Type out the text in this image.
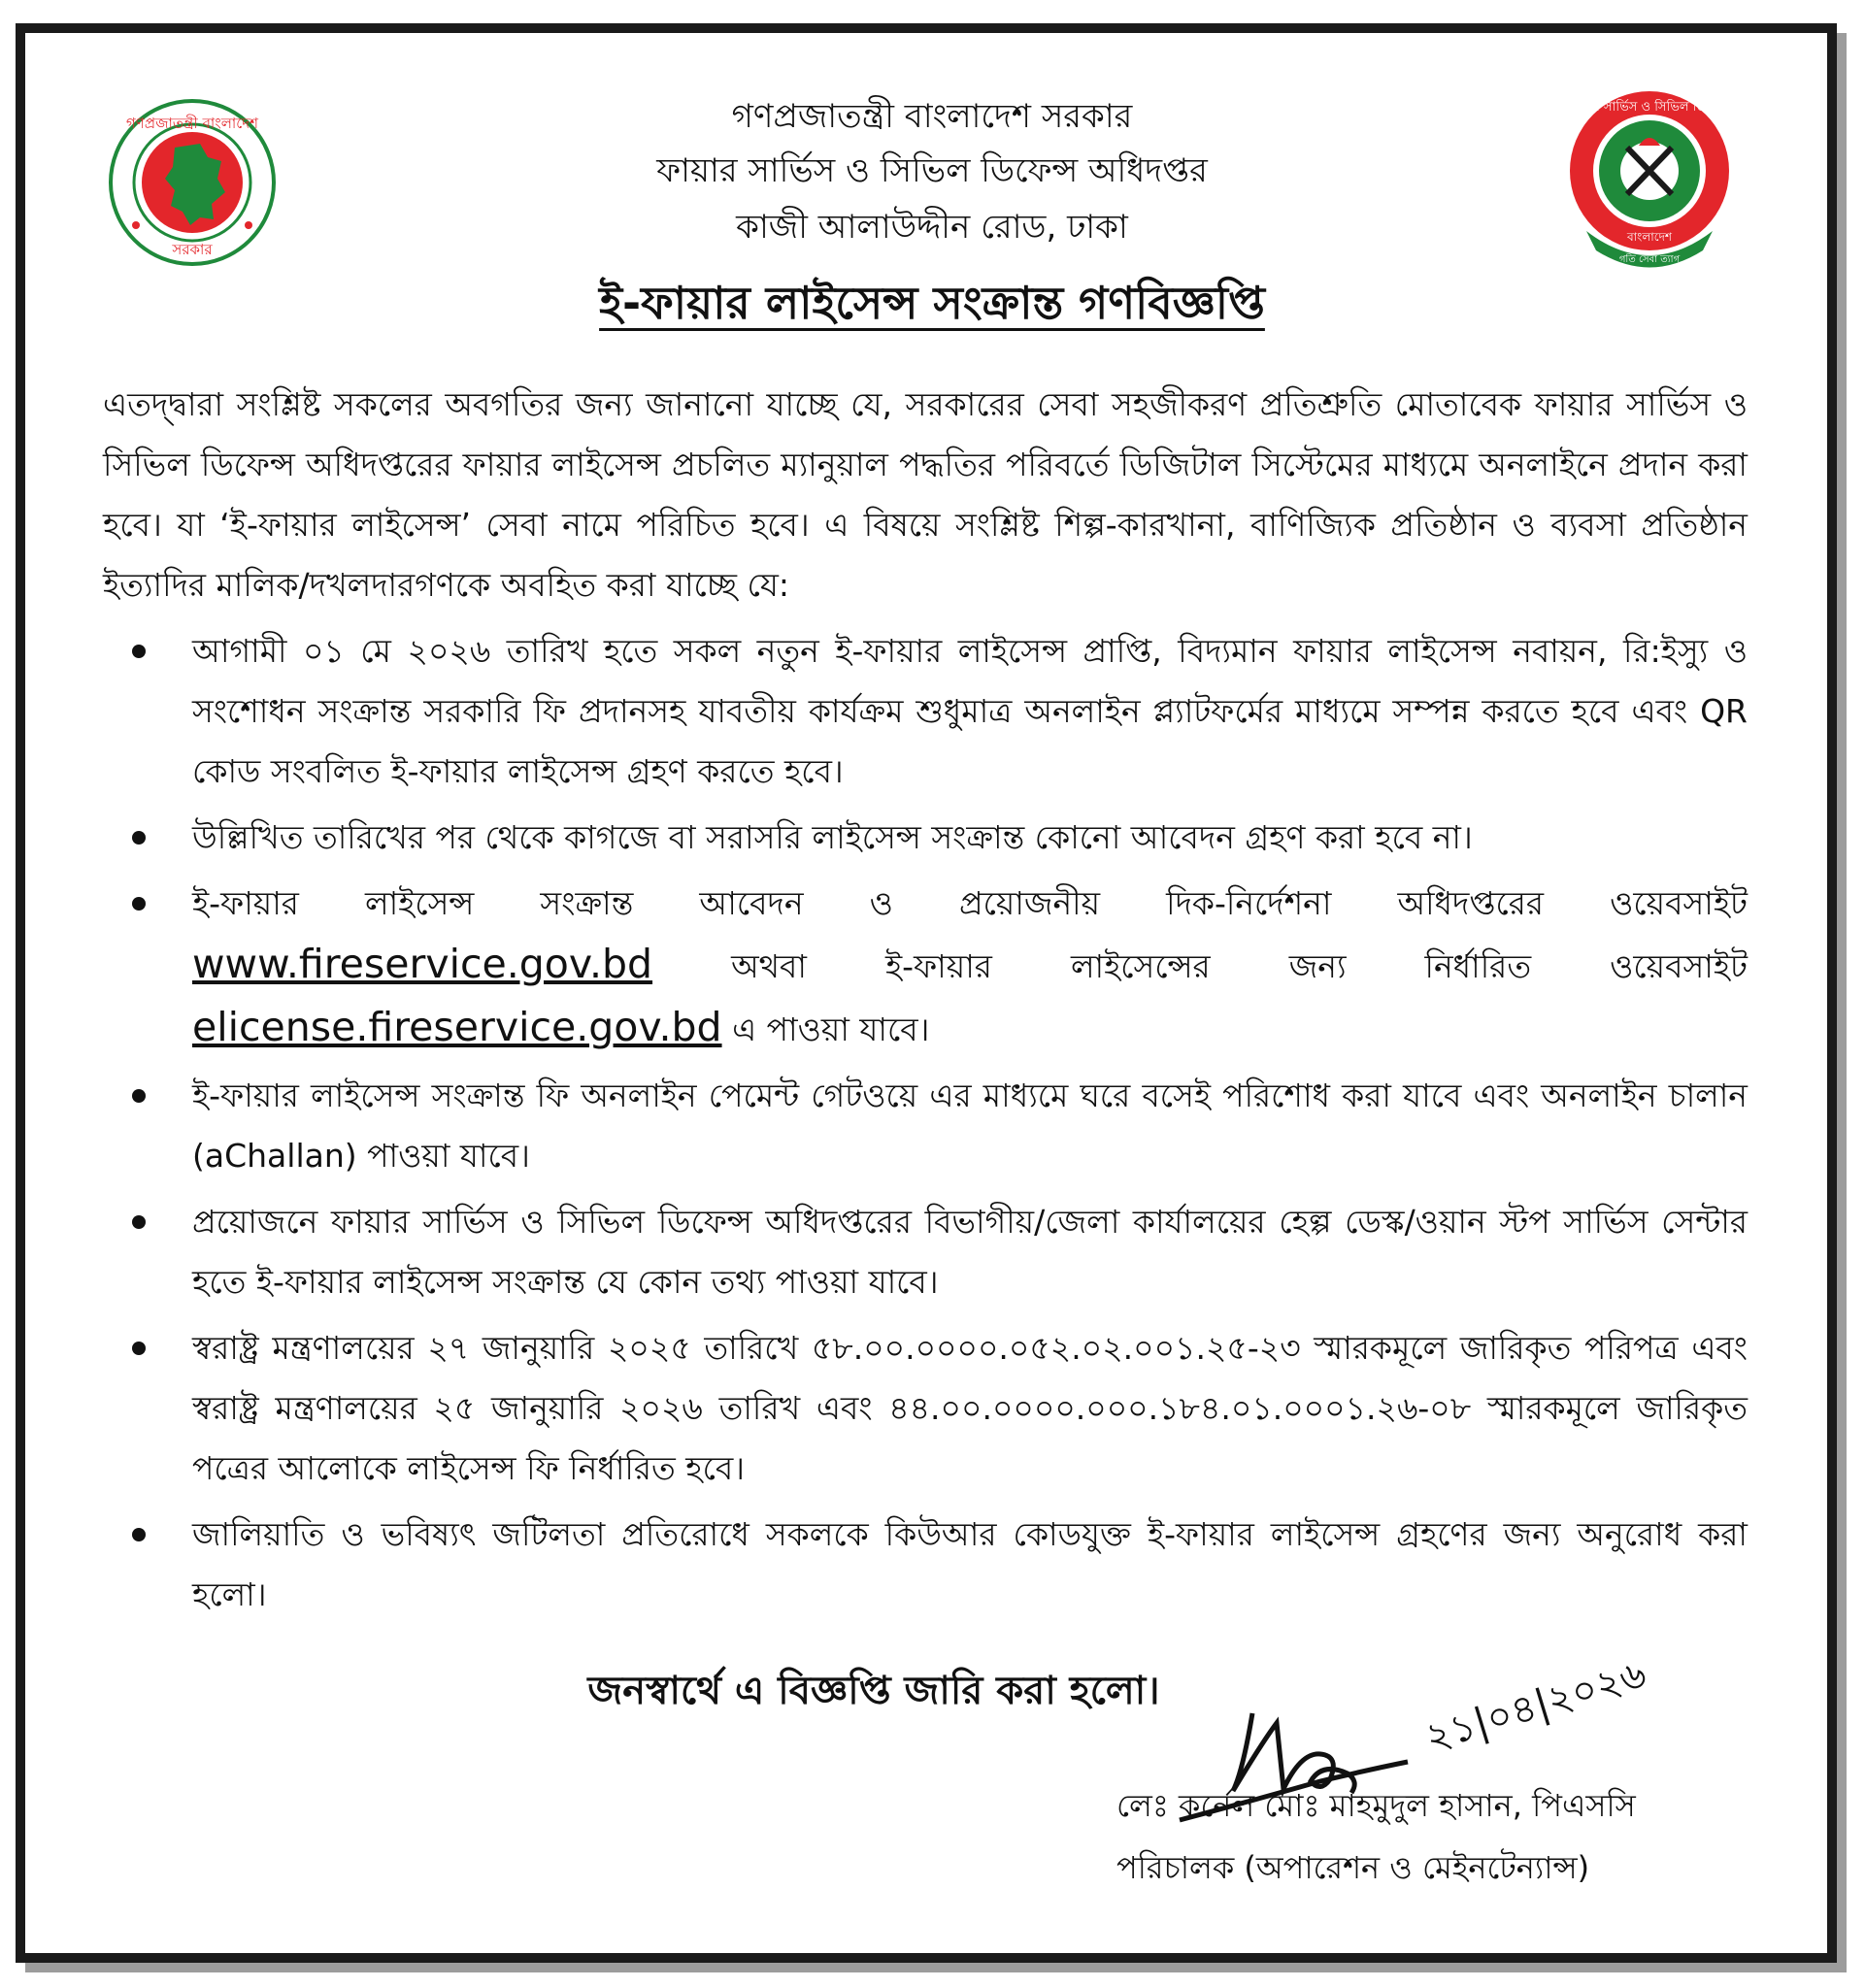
গণপ্রজাতন্ত্রী বাংলাদেশ
সরকার
ফায়ার সার্ভিস ও সিভিল ডিফেন্স
বাংলাদেশ
গতি সেবা ত্যাগ
গণপ্রজাতন্ত্রী বাংলাদেশ সরকার
ফায়ার সার্ভিস ও সিভিল ডিফেন্স অধিদপ্তর
কাজী আলাউদ্দীন রোড, ঢাকা
ই-ফায়ার লাইসেন্স সংক্রান্ত গণবিজ্ঞপ্তি
এতদ্দ্বারা সংশ্লিষ্ট সকলের অবগতির জন্য জানানো যাচ্ছে যে, সরকারের সেবা সহজীকরণ প্রতিশ্রুতি মোতাবেক ফায়ার সার্ভিস ও সিভিল ডিফেন্স অধিদপ্তরের ফায়ার লাইসেন্স প্রচলিত ম্যানুয়াল পদ্ধতির পরিবর্তে ডিজিটাল সিস্টেমের মাধ্যমে অনলাইনে প্রদান করা হবে। যা ‘ই-ফায়ার লাইসেন্স’ সেবা নামে পরিচিত হবে। এ বিষয়ে সংশ্লিষ্ট শিল্প-কারখানা, বাণিজ্যিক প্রতিষ্ঠান ও ব্যবসা প্রতিষ্ঠান ইত্যাদির মালিক/দখলদারগণকে অবহিত করা যাচ্ছে যে:
আগামী ০১ মে ২০২৬ তারিখ হতে সকল নতুন ই-ফায়ার লাইসেন্স প্রাপ্তি, বিদ্যমান ফায়ার লাইসেন্স নবায়ন, রি:ইস্যু ও সংশোধন সংক্রান্ত সরকারি ফি প্রদানসহ যাবতীয় কার্যক্রম শুধুমাত্র অনলাইন প্ল্যাটফর্মের মাধ্যমে সম্পন্ন করতে হবে এবং QR কোড সংবলিত ই-ফায়ার লাইসেন্স গ্রহণ করতে হবে।
উল্লিখিত তারিখের পর থেকে কাগজে বা সরাসরি লাইসেন্স সংক্রান্ত কোনো আবেদন গ্রহণ করা হবে না।
ই-ফায়ার লাইসেন্স সংক্রান্ত আবেদন ও প্রয়োজনীয় দিক-নির্দেশনা অধিদপ্তরের ওয়েবসাইট www.fireservice.gov.bd অথবা ই-ফায়ার লাইসেন্সের জন্য নির্ধারিত ওয়েবসাইট elicense.fireservice.gov.bd এ পাওয়া যাবে।
ই-ফায়ার লাইসেন্স সংক্রান্ত ফি অনলাইন পেমেন্ট গেটওয়ে এর মাধ্যমে ঘরে বসেই পরিশোধ করা যাবে এবং অনলাইন চালান (aChallan) পাওয়া যাবে।
প্রয়োজনে ফায়ার সার্ভিস ও সিভিল ডিফেন্স অধিদপ্তরের বিভাগীয়/জেলা কার্যালয়ের হেল্প ডেস্ক/ওয়ান স্টপ সার্ভিস সেন্টার হতে ই-ফায়ার লাইসেন্স সংক্রান্ত যে কোন তথ্য পাওয়া যাবে।
স্বরাষ্ট্র মন্ত্রণালয়ের ২৭ জানুয়ারি ২০২৫ তারিখে ৫৮.০০.০০০০.০৫২.০২.০০১.২৫-২৩ স্মারকমূলে জারিকৃত পরিপত্র এবং স্বরাষ্ট্র মন্ত্রণালয়ের ২৫ জানুয়ারি ২০২৬ তারিখ এবং ৪৪.০০.০০০০.০০০.১৮৪.০১.০০০১.২৬-০৮ স্মারকমূলে জারিকৃত পত্রের আলোকে লাইসেন্স ফি নির্ধারিত হবে।
জালিয়াতি ও ভবিষ্যৎ জটিলতা প্রতিরোধে সকলকে কিউআর কোডযুক্ত ই-ফায়ার লাইসেন্স গ্রহণের জন্য অনুরোধ করা হলো।
জনস্বার্থে এ বিজ্ঞপ্তি জারি করা হলো।	২১|০৪|২০২৬
লেঃ কর্নেল মোঃ মাহমুদুল হাসান, পিএসসি
পরিচালক (অপারেশন ও মেইনটেন্যান্স)
